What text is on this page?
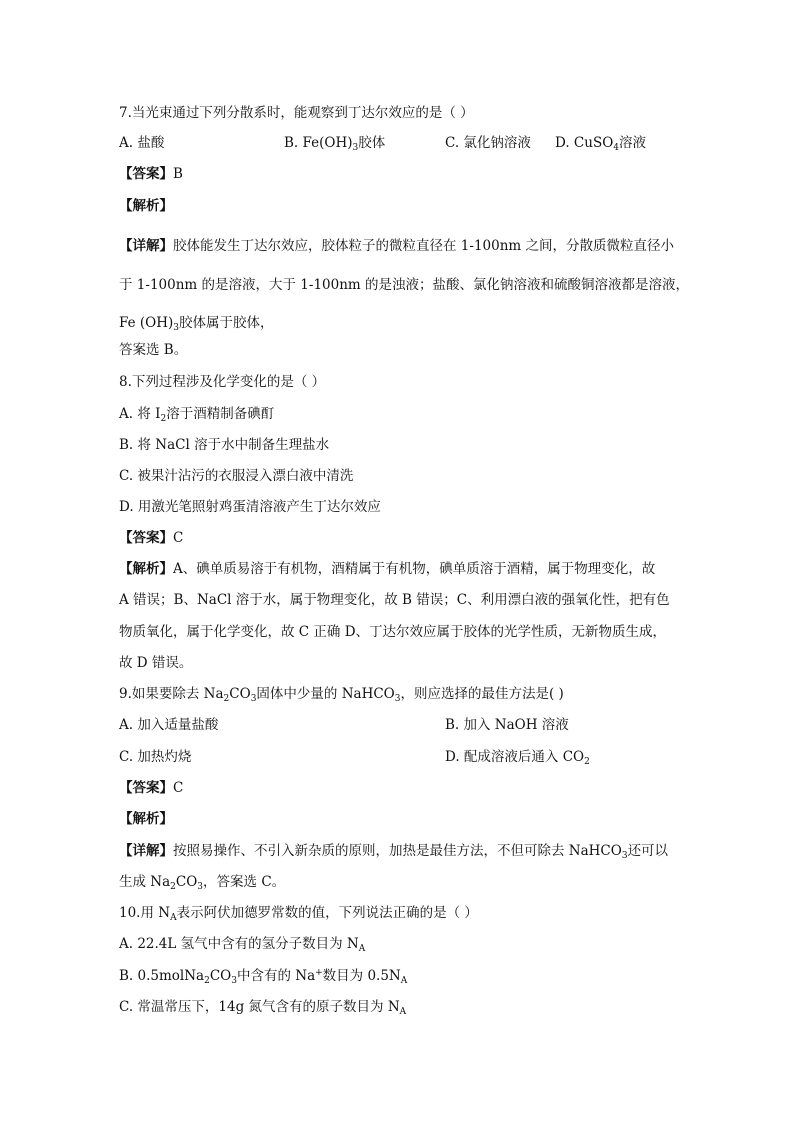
7.当光束通过下列分散系时，能观察到丁达尔效应的是（ ）
A. 盐酸	B. $Fe(OH)_3$胶体	C. 氯化钠溶液 D. CuSO$_4$溶液
【答案】B
【解析】
【详解】胶体能发生丁达尔效应，胶体粒子的微粒直径在 1-100nm 之间，分散质微粒直径小
于 1-100nm 的是溶液，大于 1-100nm 的是浊液；盐酸、氯化钠溶液和硫酸铜溶液都是溶液，
Fe $(OH)_3$胶体属于胶体，
答案选 B。
8.下列过程涉及化学变化的是（ ）
A. 将 $I_2$溶于酒精制备碘酊
B. 将 NaCl 溶于水中制备生理盐水
C. 被果汁沾污的衣服浸入漂白液中清洗
D. 用激光笔照射鸡蛋清溶液产生丁达尔效应
【答案】C
【解析】A、碘单质易溶于有机物，酒精属于有机物，碘单质溶于酒精，属于物理变化，故
A 错误；B、NaCl 溶于水，属于物理变化，故 B 错误；C、利用漂白液的强氧化性，把有色
物质氧化，属于化学变化，故 C 正确 D、丁达尔效应属于胶体的光学性质，无新物质生成，
故 D 错误。
9.如果要除去 $Na_2CO_3$固体中少量的 NaHCO$_3$，则应选择的最佳方法是( )
A. 加入适量盐酸	B. 加入 NaOH 溶液
C. 加热灼烧	D. 配成溶液后通入 $CO_2$
【答案】C
【解析】
【详解】按照易操作、不引入新杂质的原则，加热是最佳方法，不但可除去 NaHCO$_3$还可以
生成 $Na_2CO_3$，答案选 C。
10.用 $N_A$表示阿伏加德罗常数的值，下列说法正确的是（ ）
A. 22.4L 氢气中含有的氢分子数目为 $N_A$
B. $0.5molNa_2CO_3$中含有的 Na+数目为 $0.5N_A$
C. 常温常压下，14g 氮气含有的原子数目为 $N_A$
